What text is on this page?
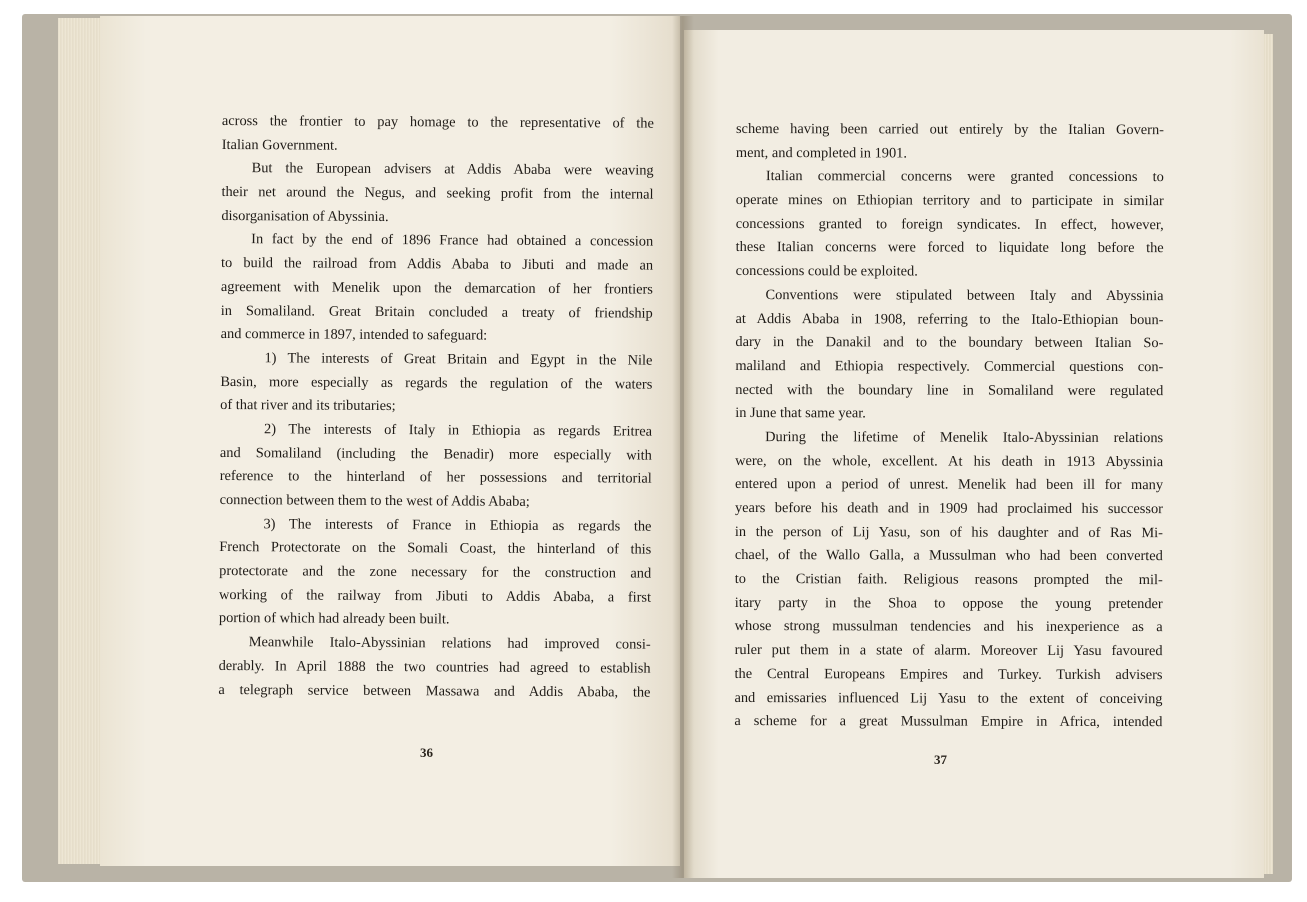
across the frontier to pay homage to the representative of the
Italian Government.
But the European advisers at Addis Ababa were weaving
their net around the Negus, and seeking profit from the internal
disorganisation of Abyssinia.
In fact by the end of 1896 France had obtained a concession
to build the railroad from Addis Ababa to Jibuti and made an
agreement with Menelik upon the demarcation of her frontiers
in Somaliland. Great Britain concluded a treaty of friendship
and commerce in 1897, intended to safeguard:
1) The interests of Great Britain and Egypt in the Nile
Basin, more especially as regards the regulation of the waters
of that river and its tributaries;
2) The interests of Italy in Ethiopia as regards Eritrea
and Somaliland (including the Benadir) more especially with
reference to the hinterland of her possessions and territorial
connection between them to the west of Addis Ababa;
3) The interests of France in Ethiopia as regards the
French Protectorate on the Somali Coast, the hinterland of this
protectorate and the zone necessary for the construction and
working of the railway from Jibuti to Addis Ababa, a first
portion of which had already been built.
Meanwhile Italo-Abyssinian relations had improved consi-
derably. In April 1888 the two countries had agreed to establish
a telegraph service between Massawa and Addis Ababa, the
scheme having been carried out entirely by the Italian Govern-
ment, and completed in 1901.
Italian commercial concerns were granted concessions to
operate mines on Ethiopian territory and to participate in similar
concessions granted to foreign syndicates. In effect, however,
these Italian concerns were forced to liquidate long before the
concessions could be exploited.
Conventions were stipulated between Italy and Abyssinia
at Addis Ababa in 1908, referring to the Italo-Ethiopian boun-
dary in the Danakil and to the boundary between Italian So-
maliland and Ethiopia respectively. Commercial questions con-
nected with the boundary line in Somaliland were regulated
in June that same year.
During the lifetime of Menelik Italo-Abyssinian relations
were, on the whole, excellent. At his death in 1913 Abyssinia
entered upon a period of unrest. Menelik had been ill for many
years before his death and in 1909 had proclaimed his successor
in the person of Lij Yasu, son of his daughter and of Ras Mi-
chael, of the Wallo Galla, a Mussulman who had been converted
to the Cristian faith. Religious reasons prompted the mil-
itary party in the Shoa to oppose the young pretender
whose strong mussulman tendencies and his inexperience as a
ruler put them in a state of alarm. Moreover Lij Yasu favoured
the Central Europeans Empires and Turkey. Turkish advisers
and emissaries influenced Lij Yasu to the extent of conceiving
a scheme for a great Mussulman Empire in Africa, intended
36	37
